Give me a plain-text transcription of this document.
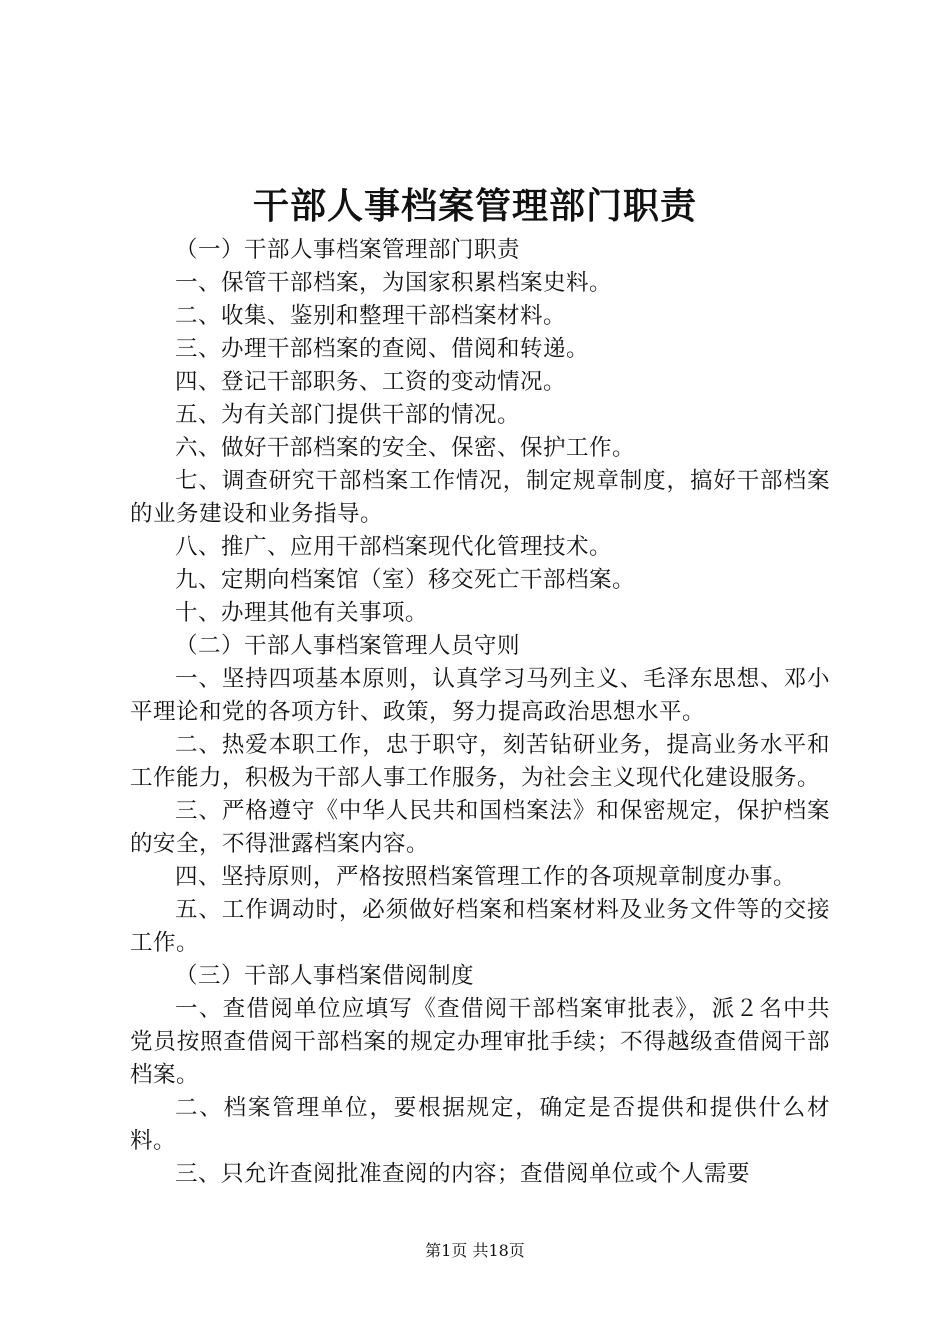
干部人事档案管理部门职责

（一）干部人事档案管理部门职责

一、保管干部档案，为国家积累档案史料。

二、收集、鉴别和整理干部档案材料。

三、办理干部档案的查阅、借阅和转递。

四、登记干部职务、工资的变动情况。

五、为有关部门提供干部的情况。

六、做好干部档案的安全、保密、保护工作。

七、调查研究干部档案工作情况，制定规章制度，搞好干部档案的业务建设和业务指导。

八、推广、应用干部档案现代化管理技术。

九、定期向档案馆（室）移交死亡干部档案。

十、办理其他有关事项。

（二）干部人事档案管理人员守则

一、坚持四项基本原则，认真学习马列主义、毛泽东思想、邓小平理论和党的各项方针、政策，努力提高政治思想水平。

二、热爱本职工作，忠于职守，刻苦钻研业务，提高业务水平和工作能力，积极为干部人事工作服务，为社会主义现代化建设服务。

三、严格遵守《中华人民共和国档案法》和保密规定，保护档案的安全，不得泄露档案内容。

四、坚持原则，严格按照档案管理工作的各项规章制度办事。

五、工作调动时，必须做好档案和档案材料及业务文件等的交接工作。

（三）干部人事档案借阅制度

一、查借阅单位应填写《查借阅干部档案审批表》，派２名中共党员按照查借阅干部档案的规定办理审批手续；不得越级查借阅干部档案。

二、档案管理单位，要根据规定，确定是否提供和提供什么材料。

三、只允许查阅批准查阅的内容；查借阅单位或个人需要

第1页 共18页
